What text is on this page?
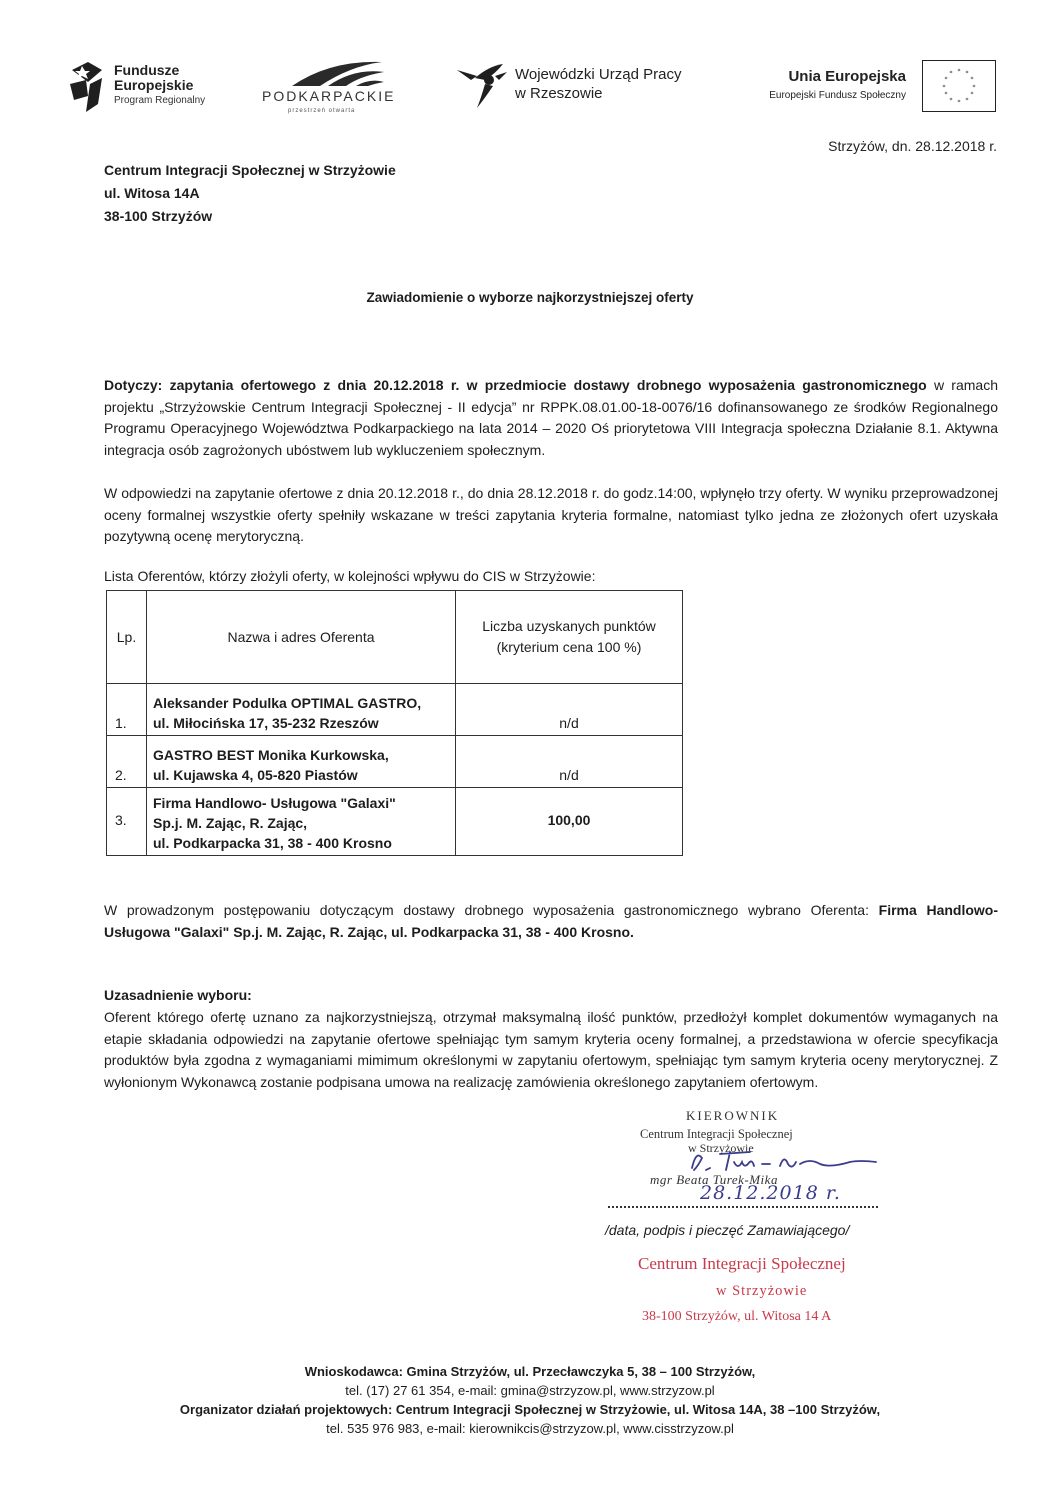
Fundusze
Europejskie
Program Regionalny	PODKARPACKIE
przestrzeń otwarta
Wojewódzki Urząd Pracy
w Rzeszowie
Unia Europejska
Europejski Fundusz Społeczny
* *
*
*
*
*
*
*
*
*
*
*
Strzyżów, dn. 28.12.2018 r.
Centrum Integracji Społecznej w Strzyżowie
ul. Witosa 14A
38-100 Strzyżów
Zawiadomienie o wyborze najkorzystniejszej oferty
Dotyczy: zapytania ofertowego z dnia 20.12.2018 r. w przedmiocie dostawy drobnego wyposażenia gastronomicznego w ramach projektu „Strzyżowskie Centrum Integracji Społecznej - II edycja” nr RPPK.08.01.00-18-0076/16 dofinansowanego ze środków Regionalnego Programu Operacyjnego Województwa Podkarpackiego na lata 2014 – 2020 Oś priorytetowa VIII Integracja społeczna Działanie 8.1. Aktywna integracja osób zagrożonych ubóstwem lub wykluczeniem społecznym.
W odpowiedzi na zapytanie ofertowe z dnia 20.12.2018 r., do dnia 28.12.2018 r. do godz.14:00, wpłynęło trzy oferty. W wyniku przeprowadzonej oceny formalnej wszystkie oferty spełniły wskazane w treści zapytania kryteria formalne, natomiast tylko jedna ze złożonych ofert uzyskała pozytywną ocenę merytoryczną.
Lista Oferentów, którzy złożyli oferty, w kolejności wpływu do CIS w Strzyżowie:
Lp.	Nazwa i adres Oferenta	Liczba uzyskanych punktów
(kryterium cena 100 %)

1.	Aleksander Podulka OPTIMAL GASTRO,
ul. Miłocińska 17, 35-232 Rzeszów	n/d
2.	GASTRO BEST Monika Kurkowska,
ul. Kujawska 4, 05-820 Piastów	n/d
3.	Firma Handlowo- Usługowa "Galaxi"
Sp.j. M. Zając, R. Zając,
ul. Podkarpacka 31, 38 - 400 Krosno	100,00
W prowadzonym postępowaniu dotyczącym dostawy drobnego wyposażenia gastronomicznego wybrano Oferenta: Firma Handlowo- Usługowa "Galaxi" Sp.j. M. Zając, R. Zając, ul. Podkarpacka 31, 38 - 400 Krosno.
Uzasadnienie wyboru:
Oferent którego ofertę uznano za najkorzystniejszą, otrzymał maksymalną ilość punktów, przedłożył komplet dokumentów wymaganych na etapie składania odpowiedzi na zapytanie ofertowe spełniając tym samym kryteria oceny formalnej, a przedstawiona w ofercie specyfikacja produktów była zgodna z wymaganiami mimimum określonymi w zapytaniu ofertowym, spełniając tym samym kryteria oceny merytorycznej. Z wyłonionym Wykonawcą zostanie podpisana umowa na realizację zamówienia określonego zapytaniem ofertowym.
KIEROWNIK
Centrum Integracji Społecznej
w Strzyżowie
mgr Beata Turek-Mika
28.12.2018 r.
/data, podpis i pieczęć Zamawiającego/
Centrum Integracji Społecznej
w Strzyżowie
38-100 Strzyżów, ul. Witosa 14 A
Wnioskodawca: Gmina Strzyżów, ul. Przecławczyka 5, 38 – 100 Strzyżów,
tel. (17) 27 61 354, e-mail: gmina@strzyzow.pl, www.strzyzow.pl
Organizator działań projektowych: Centrum Integracji Społecznej w Strzyżowie, ul. Witosa 14A, 38 –100 Strzyżów,
tel. 535 976 983, e-mail: kierownikcis@strzyzow.pl, www.cisstrzyzow.pl
